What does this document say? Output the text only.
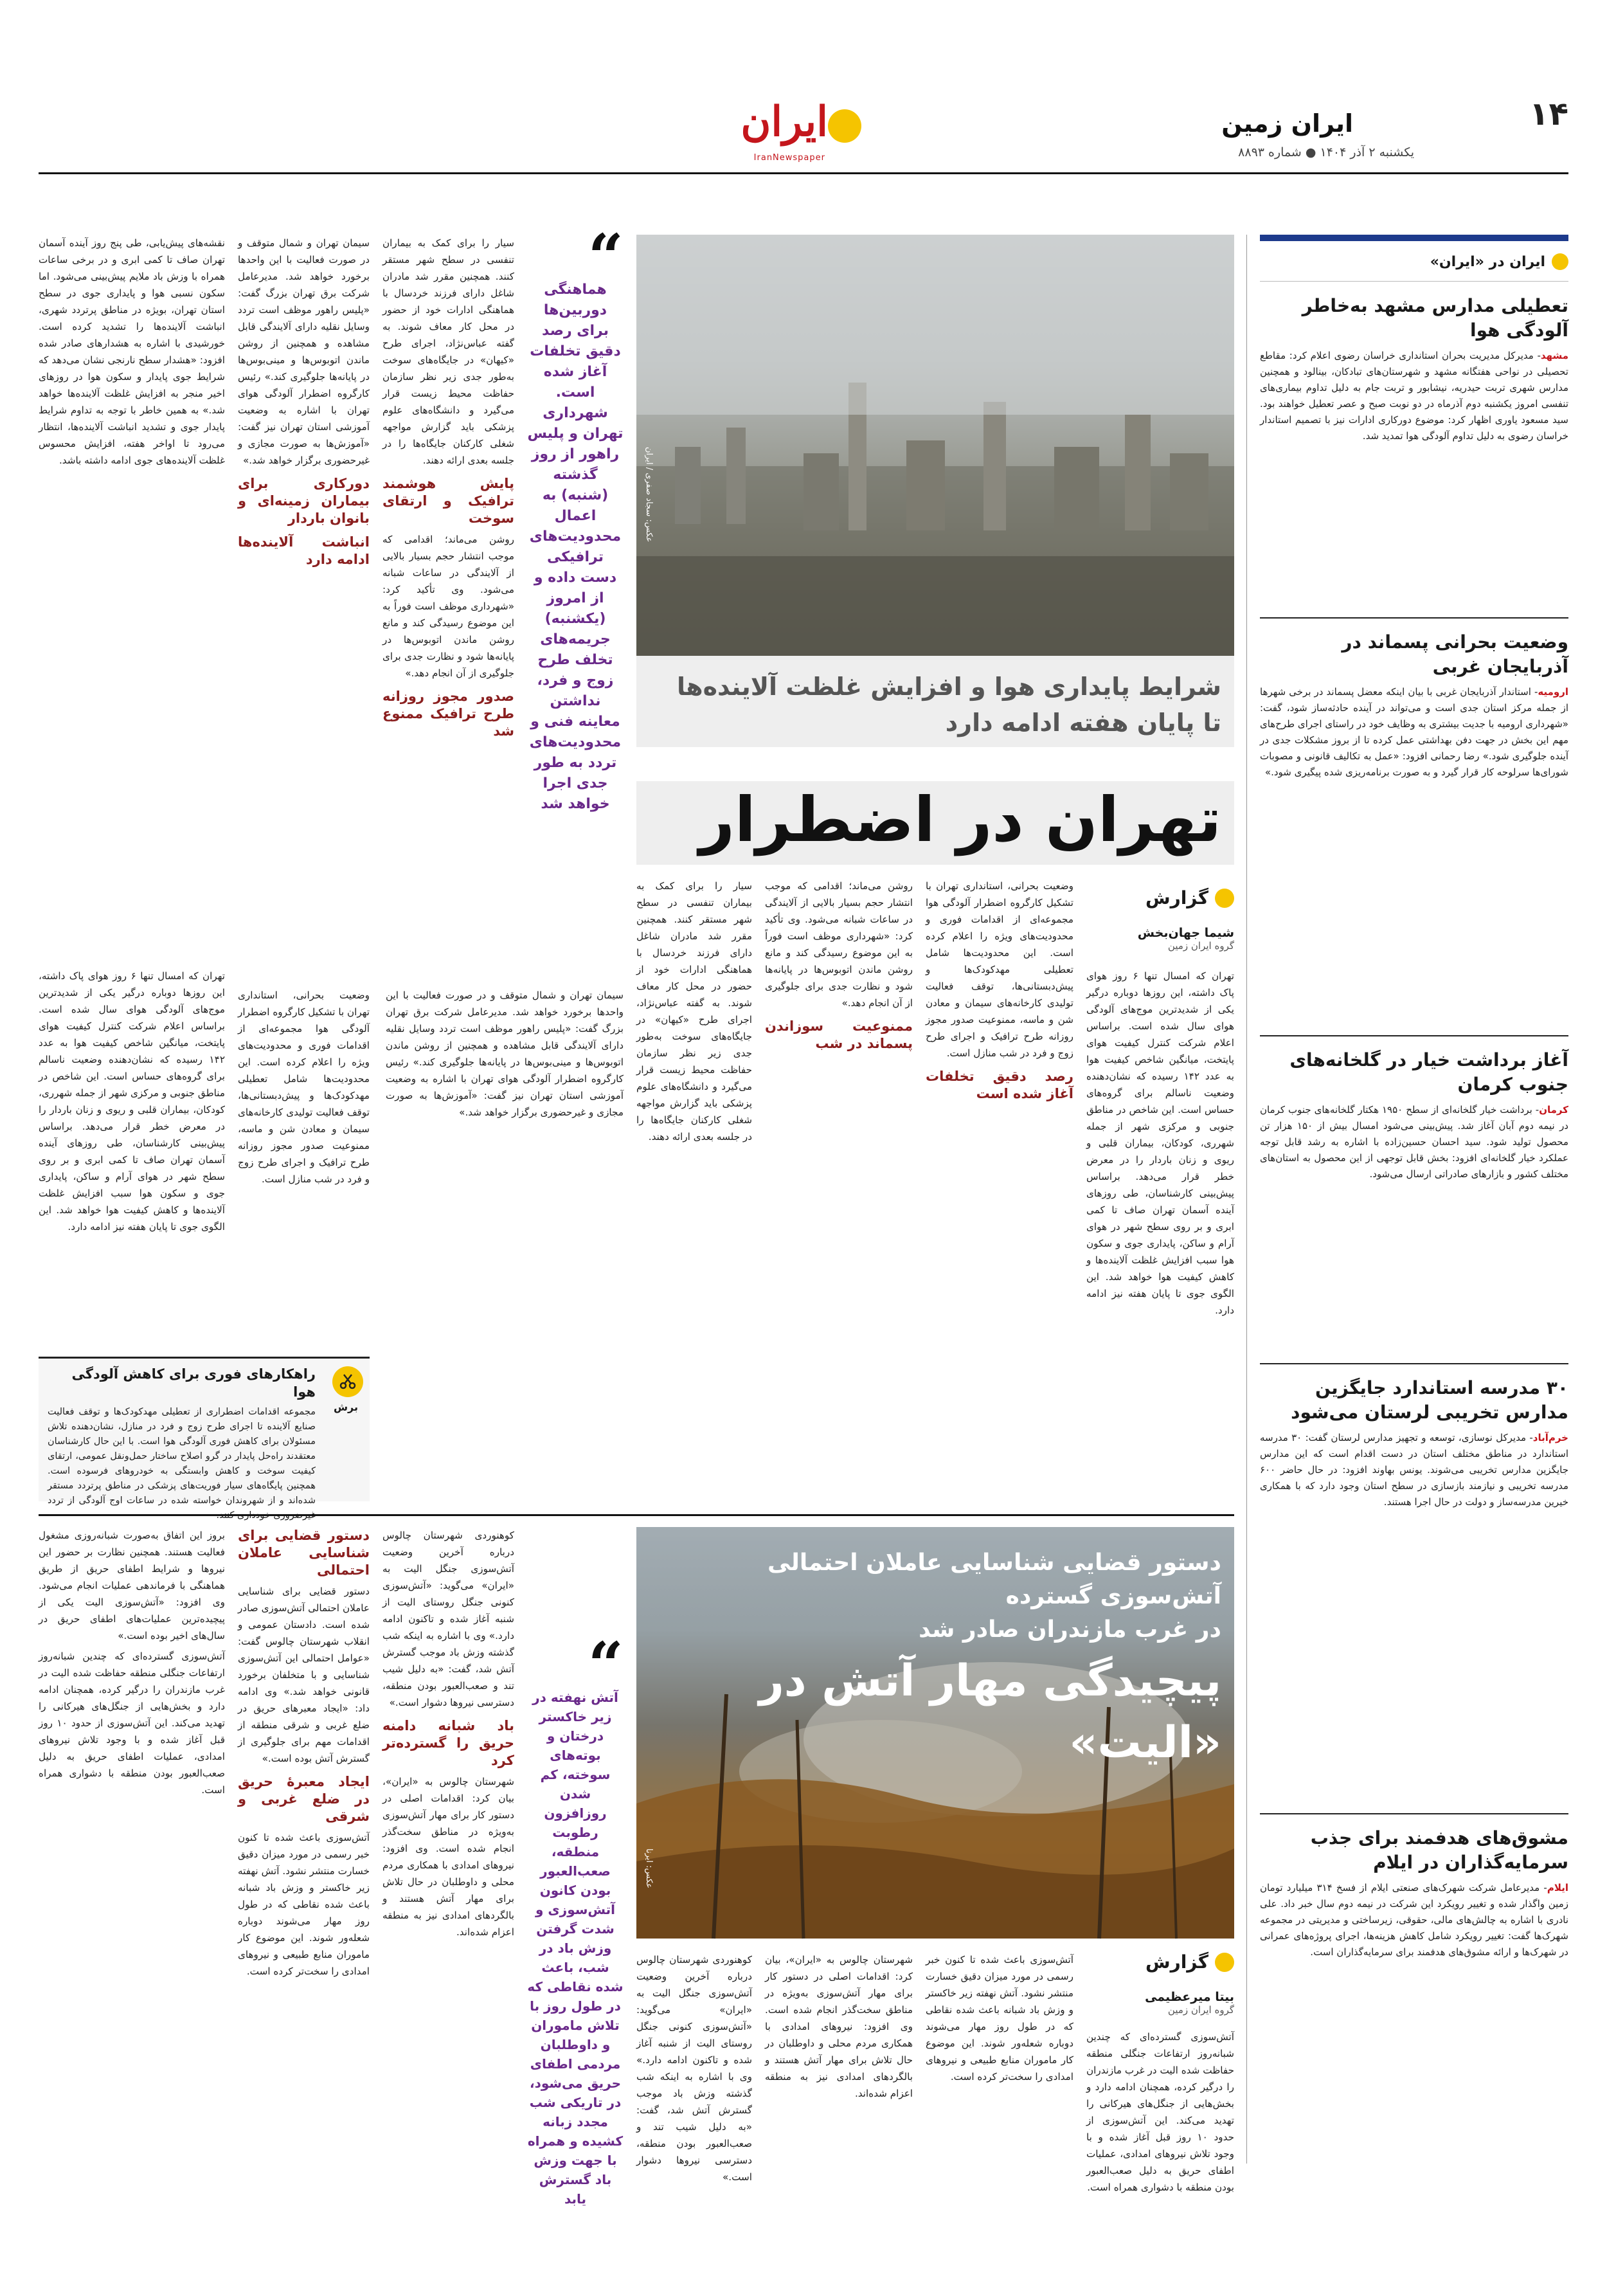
۱۴
ایران زمین
یکشنبه ۲ آذر ۱۴۰۴ ● شماره ۸۸۹۳
ایران
IranNewspaper
ایران در «ایران»
تعطیلی مدارس مشهد به‌خاطر آلودگی هوا
مشهد- مدیرکل مدیریت بحران استانداری خراسان رضوی اعلام کرد: مقاطع تحصیلی در نواحی هفتگانه مشهد و شهرستان‌های تبادکان، بینالود و همچنین مدارس شهری تربت حیدریه، نیشابور و تربت جام به دلیل تداوم بیماری‌های تنفسی امروز یکشنبه دوم آذرماه در دو نوبت صبح و عصر تعطیل خواهند بود. سید مسعود یاوری اظهار کرد: موضوع دورکاری ادارات نیز با تصمیم استاندار خراسان رضوی به دلیل تداوم آلودگی هوا تمدید شد.
وضعیت بحرانی پسماند در آذربایجان غربی
ارومیه- استاندار آذربایجان غربی با بیان اینکه معضل پسماند در برخی شهرها از جمله مرکز استان جدی است و می‌تواند در آینده حادثه‌ساز شود، گفت: «شهرداری ارومیه با جدیت بیشتری به وظایف خود در راستای اجرای طرح‌های مهم این بخش در جهت دفن بهداشتی عمل کرده تا از بروز مشکلات جدی در آینده جلوگیری شود.» رضا رحمانی افزود: «عمل به تکالیف قانونی و مصوبات شورای‌ها سرلوحه کار قرار گیرد و به صورت برنامه‌ریزی شده پیگیری شود.»
آغاز برداشت خیار در گلخانه‌های جنوب کرمان
کرمان- برداشت خیار گلخانه‌ای از سطح ۱۹۵۰ هکتار گلخانه‌های جنوب کرمان در نیمه دوم آبان آغاز شد. پیش‌بینی می‌شود امسال بیش از ۱۵۰ هزار تن محصول تولید شود. سید احسان حسین‌زاده با اشاره به رشد قابل توجه عملکرد خیار گلخانه‌ای افزود: بخش قابل توجهی از این محصول به استان‌های مختلف کشور و بازارهای صادراتی ارسال می‌شود.
۳۰ مدرسه استاندارد جایگزین مدارس تخریبی لرستان می‌شود
خرم‌آباد- مدیرکل نوسازی، توسعه و تجهیز مدارس لرستان گفت: ۳۰ مدرسه استاندارد در مناطق مختلف استان در دست اقدام است که این مدارس جایگزین مدارس تخریبی می‌شوند. یونس بهاوند افزود: در حال حاضر ۶۰۰ مدرسه تخریبی و نیازمند بازسازی در سطح استان وجود دارد که با همکاری خیرین مدرسه‌ساز و دولت در حال اجرا هستند.
مشوق‌های هدفمند برای جذب سرمایه‌گذاران در ایلام
ایلام- مدیرعامل شرکت شهرک‌های صنعتی ایلام از فسخ ۳۱۴ میلیارد تومان زمین واگذار شده و تغییر رویکرد این شرکت در نیمه دوم سال خبر داد. علی نادری با اشاره به چالش‌های مالی، حقوقی، زیرساختی و مدیریتی در مجموعه شهرک‌ها گفت: تغییر رویکرد شامل کاهش هزینه‌ها، اجرای پروژه‌های عمرانی در شهرک‌ها و ارائه مشوق‌های هدفمند برای سرمایه‌گذاران است.
عکس: سجاد صفری / ایران
“
هماهنگی دوربین‌ها برای رصد دقیق تخلفات آغاز شده است. شهرداری تهران و پلیس راهور از روز گذشته (شنبه) به اعمال محدودیت‌های ترافیکی دست داده و از امروز (یکشنبه) جریمه‌های تخلف طرح زوج و فرد، نداشتن معاینه فنی و محدودیت‌های تردد به طور جدی اجرا خواهد شد

سیار را برای کمک به بیماران تنفسی در سطح شهر مستقر کنند. همچنین مقرر شد مادران شاغل دارای فرزند خردسال با هماهنگی ادارات خود از حضور در محل کار معاف شوند. به گفته عباس‌نژاد، اجرای طرح «کیهان» در جایگاه‌های سوخت به‌طور جدی زیر نظر سازمان حفاظت محیط زیست قرار می‌گیرد و دانشگاه‌های علوم پزشکی باید گزارش مواجهه شغلی کارکنان جایگاه‌ها را در جلسه بعدی ارائه دهند.

پایش هوشمند ترافیک و ارتقای سوخت

روشن می‌ماند؛ اقدامی که موجب انتشار حجم بسیار بالایی از آلایندگی در ساعات شبانه می‌شود. وی تأکید کرد: «شهرداری موظف است فوراً به این موضوع رسیدگی کند و مانع روشن ماندن اتوبوس‌ها در پایانه‌ها شود و نظارت جدی برای جلوگیری از آن انجام دهد.»

صدور مجوز روزانه طرح ترافیک ممنوع شد

سیمان تهران و شمال متوقف و در صورت فعالیت با این واحدها برخورد خواهد شد. مدیرعامل شرکت برق تهران بزرگ گفت: «پلیس راهور موظف است تردد وسایل نقلیه دارای آلایندگی قابل مشاهده و همچنین از روشن ماندن اتوبوس‌ها و مینی‌بوس‌ها در پایانه‌ها جلوگیری کند.» رئیس کارگروه اضطرار آلودگی هوای تهران با اشاره به وضعیت آموزشی استان تهران نیز گفت: «آموزش‌ها به صورت مجازی و غیرحضوری برگزار خواهد شد.»

دورکاری برای بیماران زمینه‌ای و بانوان باردار
انباشت آلاینده‌ها ادامه دارد

نقشه‌های پیش‌یابی، طی پنج روز آینده آسمان تهران صاف تا کمی ابری و در برخی ساعات همراه با وزش باد ملایم پیش‌بینی می‌شود. اما سکون نسبی هوا و پایداری جوی در سطح استان تهران، بویژه در مناطق پرتردد شهری، انباشت آلاینده‌ها را تشدید کرده است. خورشیدی با اشاره به هشدارهای صادر شده افزود: «هشدار سطح نارنجی نشان می‌دهد که شرایط جوی پایدار و سکون هوا در روزهای اخیر منجر به افزایش غلظت آلاینده‌ها خواهد شد.» به همین خاطر با توجه به تداوم شرایط پایدار جوی و تشدید انباشت آلاینده‌ها، انتظار می‌رود تا اواخر هفته، افزایش محسوس غلظت آلاینده‌های جوی ادامه داشته باشد.

شرایط پایداری هوا و افزایش غلظت آلاینده‌ها
تا پایان هفته ادامه دارد
تهران در اضطرار
گزارش
شیما جهان‌بخش
گروه ایران زمین

تهران که امسال تنها ۶ روز هوای پاک داشته، این روزها دوباره درگیر یکی از شدیدترین موج‌های آلودگی هوای سال شده است. براساس اعلام شرکت کنترل کیفیت هوای پایتخت، میانگین شاخص کیفیت هوا به عدد ۱۴۲ رسیده که نشان‌دهنده وضعیت ناسالم برای گروه‌های حساس است. این شاخص در مناطق جنوبی و مرکزی شهر از جمله شهرری، کودکان، بیماران قلبی و ریوی و زنان باردار را در معرض خطر قرار می‌دهد. براساس پیش‌بینی کارشناسان، طی روزهای آینده آسمان تهران صاف تا کمی ابری و بر روی سطح شهر در هوای آرام و ساکن، پایداری جوی و سکون هوا سبب افزایش غلظت آلاینده‌ها و کاهش کیفیت هوا خواهد شد. این الگوی جوی تا پایان هفته نیز ادامه دارد.

وضعیت بحرانی، استانداری تهران با تشکیل کارگروه اضطرار آلودگی هوا مجموعه‌ای از اقدامات فوری و محدودیت‌های ویژه را اعلام کرده است. این محدودیت‌ها شامل تعطیلی مهدکودک‌ها و پیش‌دبستانی‌ها، توقف فعالیت تولیدی کارخانه‌های سیمان و معادن شن و ماسه، ممنوعیت صدور مجوز روزانه طرح ترافیک و اجرای طرح زوج و فرد در شب منازل است.

رصد دقیق تخلفات آغاز شده است

روشن می‌ماند؛ اقدامی که موجب انتشار حجم بسیار بالایی از آلایندگی در ساعات شبانه می‌شود. وی تأکید کرد: «شهرداری موظف است فوراً به این موضوع رسیدگی کند و مانع روشن ماندن اتوبوس‌ها در پایانه‌ها شود و نظارت جدی برای جلوگیری از آن انجام دهد.»

ممنوعیت سوزاندن پسماند در شب

سیار را برای کمک به بیماران تنفسی در سطح شهر مستقر کنند. همچنین مقرر شد مادران شاغل دارای فرزند خردسال با هماهنگی ادارات خود از حضور در محل کار معاف شوند. به گفته عباس‌نژاد، اجرای طرح «کیهان» در جایگاه‌های سوخت به‌طور جدی زیر نظر سازمان حفاظت محیط زیست قرار می‌گیرد و دانشگاه‌های علوم پزشکی باید گزارش مواجهه شغلی کارکنان جایگاه‌ها را در جلسه بعدی ارائه دهند.

سیمان تهران و شمال متوقف و در صورت فعالیت با این واحدها برخورد خواهد شد. مدیرعامل شرکت برق تهران بزرگ گفت: «پلیس راهور موظف است تردد وسایل نقلیه دارای آلایندگی قابل مشاهده و همچنین از روشن ماندن اتوبوس‌ها و مینی‌بوس‌ها در پایانه‌ها جلوگیری کند.» رئیس کارگروه اضطرار آلودگی هوای تهران با اشاره به وضعیت آموزشی استان تهران نیز گفت: «آموزش‌ها به صورت مجازی و غیرحضوری برگزار خواهد شد.»

وضعیت بحرانی، استانداری تهران با تشکیل کارگروه اضطرار آلودگی هوا مجموعه‌ای از اقدامات فوری و محدودیت‌های ویژه را اعلام کرده است. این محدودیت‌ها شامل تعطیلی مهدکودک‌ها و پیش‌دبستانی‌ها، توقف فعالیت تولیدی کارخانه‌های سیمان و معادن شن و ماسه، ممنوعیت صدور مجوز روزانه طرح ترافیک و اجرای طرح زوج و فرد در شب منازل است.

تهران که امسال تنها ۶ روز هوای پاک داشته، این روزها دوباره درگیر یکی از شدیدترین موج‌های آلودگی هوای سال شده است. براساس اعلام شرکت کنترل کیفیت هوای پایتخت، میانگین شاخص کیفیت هوا به عدد ۱۴۲ رسیده که نشان‌دهنده وضعیت ناسالم برای گروه‌های حساس است. این شاخص در مناطق جنوبی و مرکزی شهر از جمله شهرری، کودکان، بیماران قلبی و ریوی و زنان باردار را در معرض خطر قرار می‌دهد. براساس پیش‌بینی کارشناسان، طی روزهای آینده آسمان تهران صاف تا کمی ابری و بر روی سطح شهر در هوای آرام و ساکن، پایداری جوی و سکون هوا سبب افزایش غلظت آلاینده‌ها و کاهش کیفیت هوا خواهد شد. این الگوی جوی تا پایان هفته نیز ادامه دارد.

برش
راهکارهای فوری برای کاهش آلودگی هوا
مجموعه اقدامات اضطراری از تعطیلی مهدکودک‌ها و توقف فعالیت صنایع آلاینده تا اجرای طرح زوج و فرد در منازل، نشان‌دهنده تلاش مسئولان برای کاهش فوری آلودگی هوا است. با این حال کارشناسان معتقدند راه‌حل پایدار در گرو اصلاح ساختار حمل‌ونقل عمومی، ارتقای کیفیت سوخت و کاهش وابستگی به خودروهای فرسوده است. همچنین پایگاه‌های سیار فوریت‌های پزشکی در مناطق پرتردد مستقر شده‌اند و از شهروندان خواسته شده در ساعات اوج آلودگی از تردد
عکس: ایرنا
دستور قضایی شناسایی عاملان احتمالی آتش‌سوزی گسترده
در غرب مازندران صادر شد
پیچیدگی مهار آتش در «الیت»
گزارش
بیتا میرعظیمی
گروه ایران زمین

آتش‌سوزی گسترده‌ای که چندین شبانه‌روز ارتفاعات جنگلی منطقه حفاظت شده الیت در غرب مازندران را درگیر کرده، همچنان ادامه دارد و بخش‌هایی از جنگل‌های هیرکانی را تهدید می‌کند. این آتش‌سوزی از حدود ۱۰ روز قبل آغاز شده و با وجود تلاش نیروهای امدادی، عملیات اطفای حریق به دلیل صعب‌العبور بودن منطقه با دشواری همراه است.

آتش‌سوزی باعث شده تا کنون خبر رسمی در مورد میزان دقیق خسارت منتشر نشود. آتش نهفته زیر خاکستر و وزش باد شبانه باعث شده نقاطی که در طول روز مهار می‌شوند دوباره شعله‌ور شوند. این موضوع کار ماموران منابع طبیعی و نیروهای امدادی را سخت‌تر کرده است.

شهرستان چالوس به «ایران»، بیان کرد: اقدامات اصلی در دستور کار برای مهار آتش‌سوزی به‌ویژه در مناطق سخت‌گذر انجام شده است. وی افزود: نیروهای امدادی با همکاری مردم محلی و داوطلبان در حال تلاش برای مهار آتش هستند و بالگردهای امدادی نیز به منطقه اعزام شده‌اند.

کوهنوردی شهرستان چالوس درباره آخرین وضعیت آتش‌سوزی جنگل الیت به «ایران» می‌گوید: «آتش‌سوزی کنونی جنگل روستای الیت از شنبه آغاز شده و تاکنون ادامه دارد.» وی با اشاره به اینکه شب گذشته وزش باد موجب گسترش آتش شد، گفت: «به دلیل شیب تند و صعب‌العبور بودن منطقه، دسترسی نیروها دشوار است.»

“
آتش نهفته در زیر خاکستر درختان و بوته‌های سوخته، کم شدن روزافزون رطوبت منطقه، صعب‌العبور بودن کانون آتش‌سوزی و شدت گرفتن وزش باد در شب، باعث شده نقاطی که در طول روز با تلاش ماموران و داوطلبان مردمی اطفای حریق می‌شود، در تاریکی شب مجدد زبانه کشیده و همراه با جهت وزش باد گسترش یابد

کوهنوردی شهرستان چالوس درباره آخرین وضعیت آتش‌سوزی جنگل الیت به «ایران» می‌گوید: «آتش‌سوزی کنونی جنگل روستای الیت از شنبه آغاز شده و تاکنون ادامه دارد.» وی با اشاره به اینکه شب گذشته وزش باد موجب گسترش آتش شد، گفت: «به دلیل شیب تند و صعب‌العبور بودن منطقه، دسترسی نیروها دشوار است.»

باد شبانه دامنه حریق را گسترده‌تر کرد

شهرستان چالوس به «ایران»، بیان کرد: اقدامات اصلی در دستور کار برای مهار آتش‌سوزی به‌ویژه در مناطق سخت‌گذر انجام شده است. وی افزود: نیروهای امدادی با همکاری مردم محلی و داوطلبان در حال تلاش برای مهار آتش هستند و بالگردهای امدادی نیز به منطقه اعزام شده‌اند.

دستور قضایی برای شناسایی عاملان احتمالی

دستور قضایی برای شناسایی عاملان احتمالی آتش‌سوزی صادر شده است. دادستان عمومی و انقلاب شهرستان چالوس گفت: «عوامل احتمالی این آتش‌سوزی شناسایی و با متخلفان برخورد قانونی خواهد شد.» وی ادامه داد: «ایجاد معبرهای حریق در ضلع غربی و شرقی منطقه از اقدامات مهم برای جلوگیری از گسترش آتش بوده است.»

ایجاد معبرهٔ حریق در ضلع غربی و شرقی

آتش‌سوزی باعث شده تا کنون خبر رسمی در مورد میزان دقیق خسارت منتشر نشود. آتش نهفته زیر خاکستر و وزش باد شبانه باعث شده نقاطی که در طول روز مهار می‌شوند دوباره شعله‌ور شوند. این موضوع کار ماموران منابع طبیعی و نیروهای امدادی را سخت‌تر کرده است.

بروز این اتفاق به‌صورت شبانه‌روزی مشغول فعالیت هستند. همچنین نظارت بر حضور این نیروها و شرایط اطفای حریق از طریق هماهنگی با فرماندهی عملیات انجام می‌شود. وی افزود: «آتش‌سوزی الیت یکی از پیچیده‌ترین عملیات‌های اطفای حریق در سال‌های اخیر بوده است.»

آتش‌سوزی گسترده‌ای که چندین شبانه‌روز ارتفاعات جنگلی منطقه حفاظت شده الیت در غرب مازندران را درگیر کرده، همچنان ادامه دارد و بخش‌هایی از جنگل‌های هیرکانی را تهدید می‌کند. این آتش‌سوزی از حدود ۱۰ روز قبل آغاز شده و با وجود تلاش نیروهای امدادی، عملیات اطفای حریق به دلیل صعب‌العبور بودن منطقه با دشواری همراه است.
